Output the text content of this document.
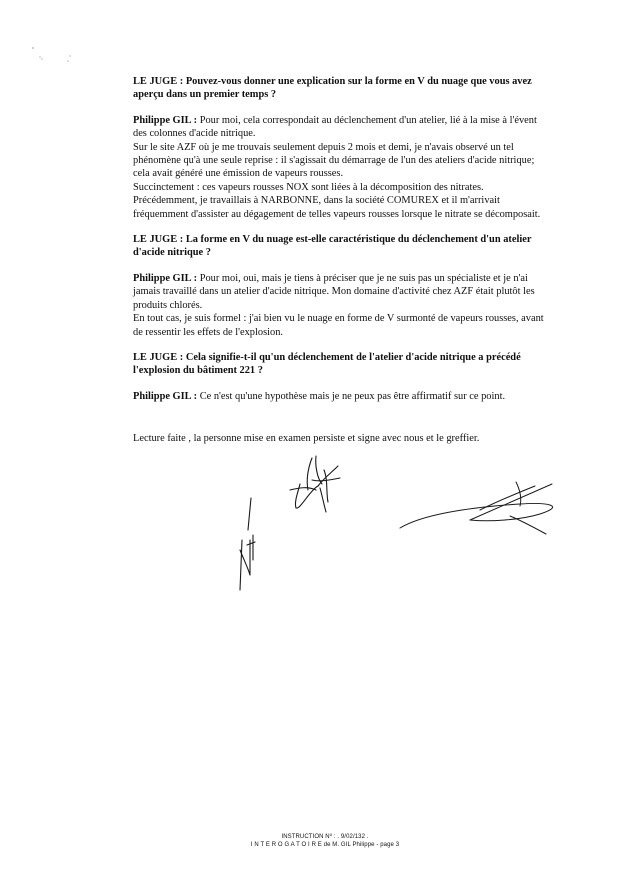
LE JUGE : Pouvez-vous donner une explication sur la forme en V du nuage que vous avez
aperçu dans un premier temps ?
Philippe GIL : Pour moi, cela correspondait au déclenchement d'un atelier, lié à la mise à l'évent
des colonnes d'acide nitrique.
Sur le site AZF où je me trouvais seulement depuis 2 mois et demi, je n'avais observé un tel
phénomène qu'à une seule reprise : il s'agissait du démarrage de l'un des ateliers d'acide nitrique;
cela avait généré une émission de vapeurs rousses.
Succinctement : ces vapeurs rousses NOX sont liées à la décomposition des nitrates.
Précédemment, je travaillais à NARBONNE, dans la société COMUREX et il m'arrivait
fréquemment d'assister au dégagement de telles vapeurs rousses lorsque le nitrate se décomposait.
LE JUGE : La forme en V du nuage est-elle caractéristique du déclenchement d'un atelier
d'acide nitrique ?
Philippe GIL : Pour moi, oui, mais je tiens à préciser que je ne suis pas un spécialiste et je n'ai
jamais travaillé dans un atelier d'acide nitrique. Mon domaine d'activité chez AZF était plutôt les
produits chlorés.
En tout cas, je suis formel : j'ai bien vu le nuage en forme de V surmonté de vapeurs rousses, avant
de ressentir les effets de l'explosion.
LE JUGE : Cela signifie-t-il qu'un déclenchement de l'atelier d'acide nitrique a précédé
l'explosion du bâtiment 221 ?
Philippe GIL : Ce n'est qu'une hypothèse mais je ne peux pas être affirmatif sur ce point.
Lecture faite , la personne mise en examen persiste et signe avec nous et le greffier.
INSTRUCTION Nº : . 9/02/132 .
I N T E R O G A T O I R E de M. GIL Philippe - page 3
